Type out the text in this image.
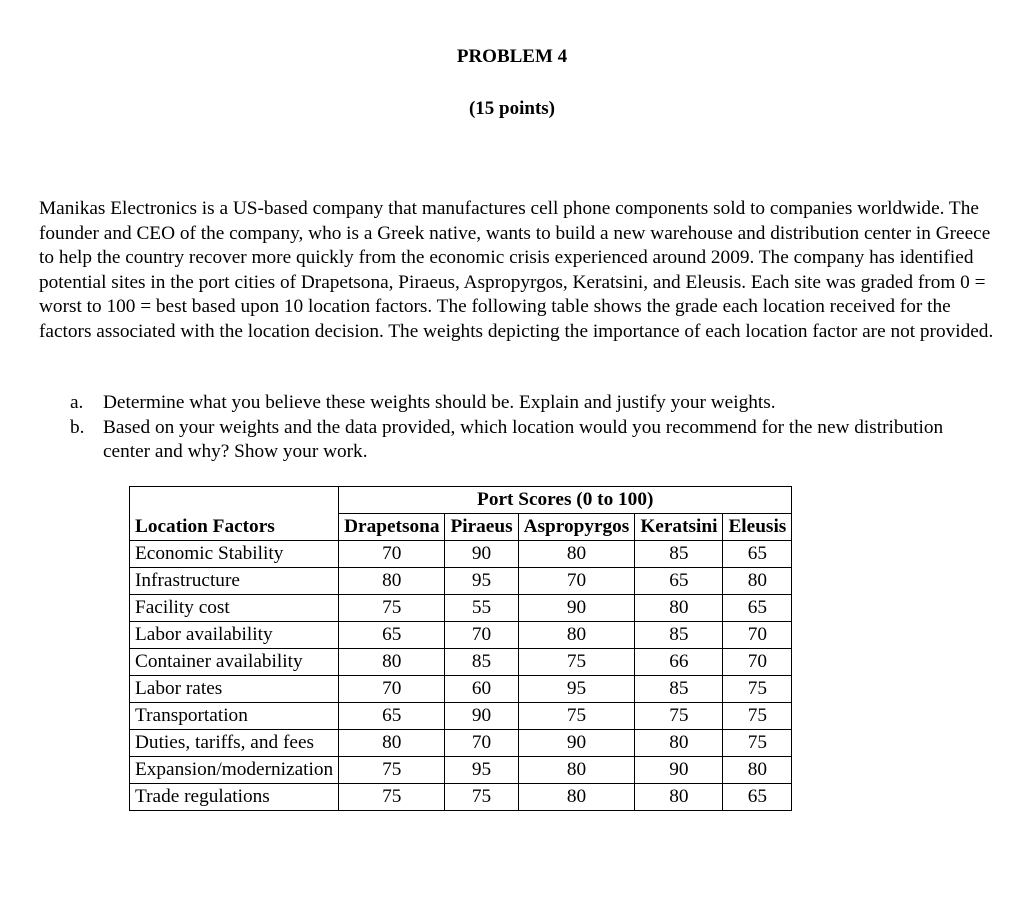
PROBLEM 4
(15 points)

Manikas Electronics is a US-based company that manufactures cell phone components sold to companies worldwide. The founder and CEO of the company, who is a Greek native, wants to build a new warehouse and distribution center in Greece to help the country recover more quickly from the economic crisis experienced around 2009. The company has identified potential sites in the port cities of Drapetsona, Piraeus, Aspropyrgos, Keratsini, and Eleusis. Each site was graded from 0 = worst to 100 = best based upon 10 location factors. The following table shows the grade each location received for the factors associated with the location decision. The weights depicting the importance of each location factor are not provided.

a. Determine what you believe these weights should be. Explain and justify your weights.
b. Based on your weights and the data provided, which location would you recommend for the new distribution center and why? Show your work.
	Port Scores (0 to 100)				
Location Factors	Drapetsona	Piraeus	Aspropyrgos	Keratsini	Eleusis
Economic Stability	70	90	80	85	65
Infrastructure	80	95	70	65	80
Facility cost	75	55	90	80	65
Labor availability	65	70	80	85	70
Container availability	80	85	75	66	70
Labor rates	70	60	95	85	75
Transportation	65	90	75	75	75
Duties, tariffs, and fees	80	70	90	80	75
Expansion/modernization	75	95	80	90	80
Trade regulations	75	75	80	80	65
